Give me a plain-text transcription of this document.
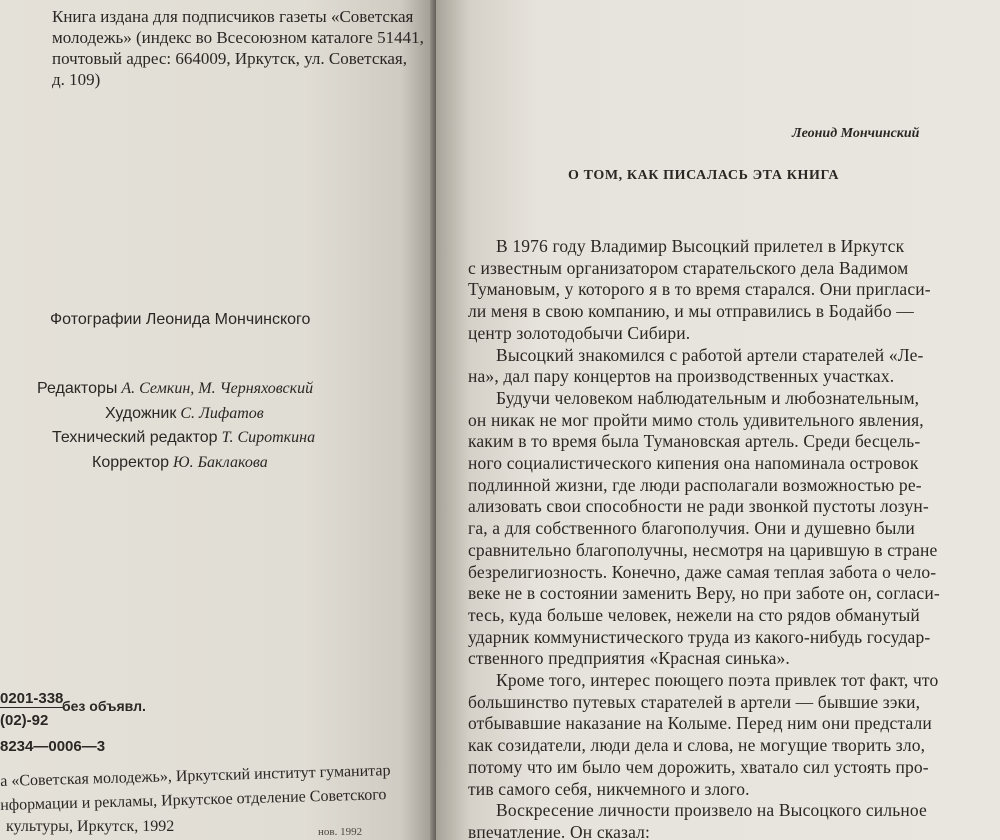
Книга издана для подписчиков газеты «Советская
молодежь» (индекс во Всесоюзном каталоге 51441,
почтовый адрес: 664009, Иркутск, ул. Советская,
д. 109)
Фотографии Леонида Мончинского
Редакторы А. Семкин, М. Черняховский
Художник С. Лифатов
Технический редактор Т. Сироткина
Корректор Ю. Баклакова
0201-338
без объявл.
(02)-92
8234—0006—3
а «Советская молодежь», Иркутский институт гуманитар
нформации и рекламы, Иркутское отделение Советского
культуры, Иркутск, 1992	нов. 1992
Леонид Мончинский
О ТОМ, КАК ПИСАЛАСЬ ЭТА КНИГА
В 1976 году Владимир Высоцкий прилетел в Иркутск
с известным организатором старательского дела Вадимом
Тумановым, у которого я в то время старался. Они пригласи-
ли меня в свою компанию, и мы отправились в Бодайбо —
центр золотодобычи Сибири.
Высоцкий знакомился с работой артели старателей «Ле-
на», дал пару концертов на производственных участках.
Будучи человеком наблюдательным и любознательным,
он никак не мог пройти мимо столь удивительного явления,
каким в то время была Тумановская артель. Среди бесцель-
ного социалистического кипения она напоминала островок
подлинной жизни, где люди располагали возможностью ре-
ализовать свои способности не ради звонкой пустоты лозун-
га, а для собственного благополучия. Они и душевно были
сравнительно благополучны, несмотря на царившую в стране
безрелигиозность. Конечно, даже самая теплая забота о чело-
веке не в состоянии заменить Веру, но при заботе он, согласи-
тесь, куда больше человек, нежели на сто рядов обманутый
ударник коммунистического труда из какого-нибудь государ-
ственного предприятия «Красная синька».
Кроме того, интерес поющего поэта привлек тот факт, что
большинство путевых старателей в артели — бывшие зэки,
отбывавшие наказание на Колыме. Перед ним они предстали
как созидатели, люди дела и слова, не могущие творить зло,
потому что им было чем дорожить, хватало сил устоять про-
тив самого себя, никчемного и злого.
Воскресение личности произвело на Высоцкого сильное
впечатление. Он сказал:
